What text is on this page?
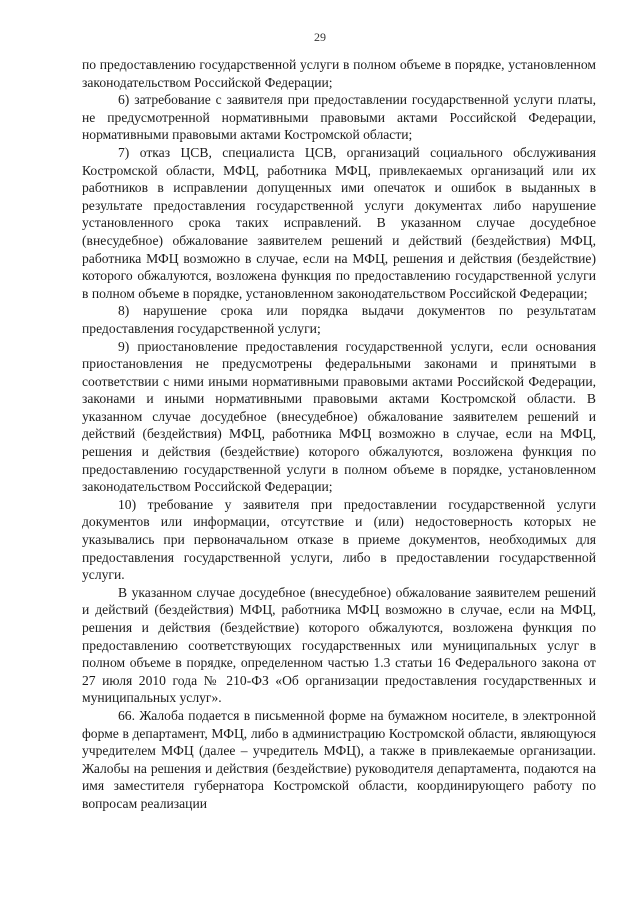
29

по предоставлению государственной услуги в полном объеме в порядке, установленном законодательством Российской Федерации;

6) затребование с заявителя при предоставлении государственной услуги платы, не предусмотренной нормативными правовыми актами Российской Федерации, нормативными правовыми актами Костромской области;

7) отказ ЦСВ, специалиста ЦСВ, организаций социального обслуживания Костромской области, МФЦ, работника МФЦ, привлекаемых организаций или их работников в исправлении допущенных ими опечаток и ошибок в выданных в результате предоставления государственной услуги документах либо нарушение установленного срока таких исправлений. В указанном случае досудебное (внесудебное) обжалование заявителем решений и действий (бездействия) МФЦ, работника МФЦ возможно в случае, если на МФЦ, решения и действия (бездействие) которого обжалуются, возложена функция по предоставлению государственной услуги в полном объеме в порядке, установленном законодательством Российской Федерации;

8) нарушение срока или порядка выдачи документов по результатам предоставления государственной услуги;

9) приостановление предоставления государственной услуги, если основания приостановления не предусмотрены федеральными законами и принятыми в соответствии с ними иными нормативными правовыми актами Российской Федерации, законами и иными нормативными правовыми актами Костромской области. В указанном случае досудебное (внесудебное) обжалование заявителем решений и действий (бездействия) МФЦ, работника МФЦ возможно в случае, если на МФЦ, решения и действия (бездействие) которого обжалуются, возложена функция по предоставлению государственной услуги в полном объеме в порядке, установленном законодательством Российской Федерации;

10) требование у заявителя при предоставлении государственной услуги документов или информации, отсутствие и (или) недостоверность которых не указывались при первоначальном отказе в приеме документов, необходимых для предоставления государственной услуги, либо в предоставлении государственной услуги.

В указанном случае досудебное (внесудебное) обжалование заявителем решений и действий (бездействия) МФЦ, работника МФЦ возможно в случае, если на МФЦ, решения и действия (бездействие) которого обжалуются, возложена функция по предоставлению соответствующих государственных или муниципальных услуг в полном объеме в порядке, определенном частью 1.3 статьи 16 Федерального закона от 27 июля 2010 года № 210-ФЗ «Об организации предоставления государственных и муниципальных услуг».

66. Жалоба подается в письменной форме на бумажном носителе, в электронной форме в департамент, МФЦ, либо в администрацию Костромской области, являющуюся учредителем МФЦ (далее – учредитель МФЦ), а также в привлекаемые организации. Жалобы на решения и действия (бездействие) руководителя департамента, подаются на имя заместителя губернатора Костромской области, координирующего работу по вопросам реализации
